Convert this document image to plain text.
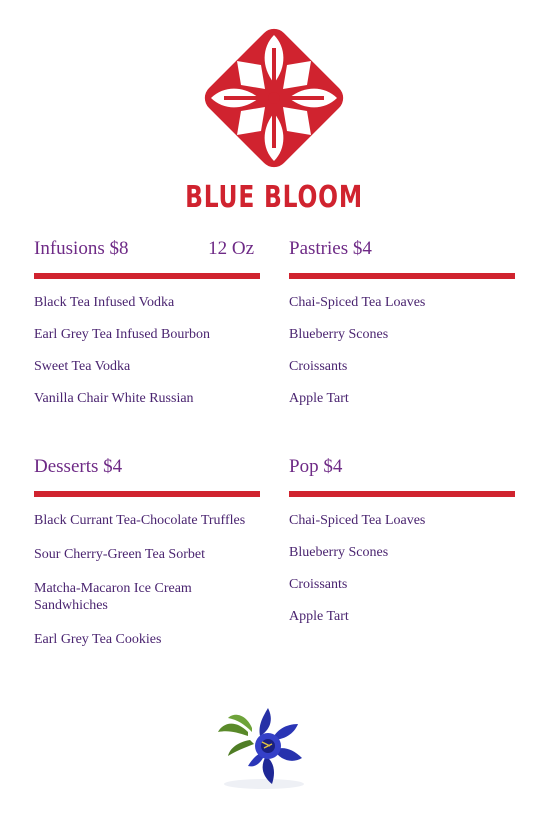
BLUE BLOOM
Infusions $8	12 Oz
Black Tea Infused Vodka
Earl Grey Tea Infused Bourbon
Sweet Tea Vodka
Vanilla Chair White Russian
Pastries $4
Chai-Spiced Tea Loaves
Blueberry Scones
Croissants
Apple Tart
Desserts $4
Black Currant Tea-Chocolate Truffles
Sour Cherry-Green Tea Sorbet
Matcha-Macaron Ice Cream Sandwhiches
Earl Grey Tea Cookies
Pop $4
Chai-Spiced Tea Loaves
Blueberry Scones
Croissants
Apple Tart
